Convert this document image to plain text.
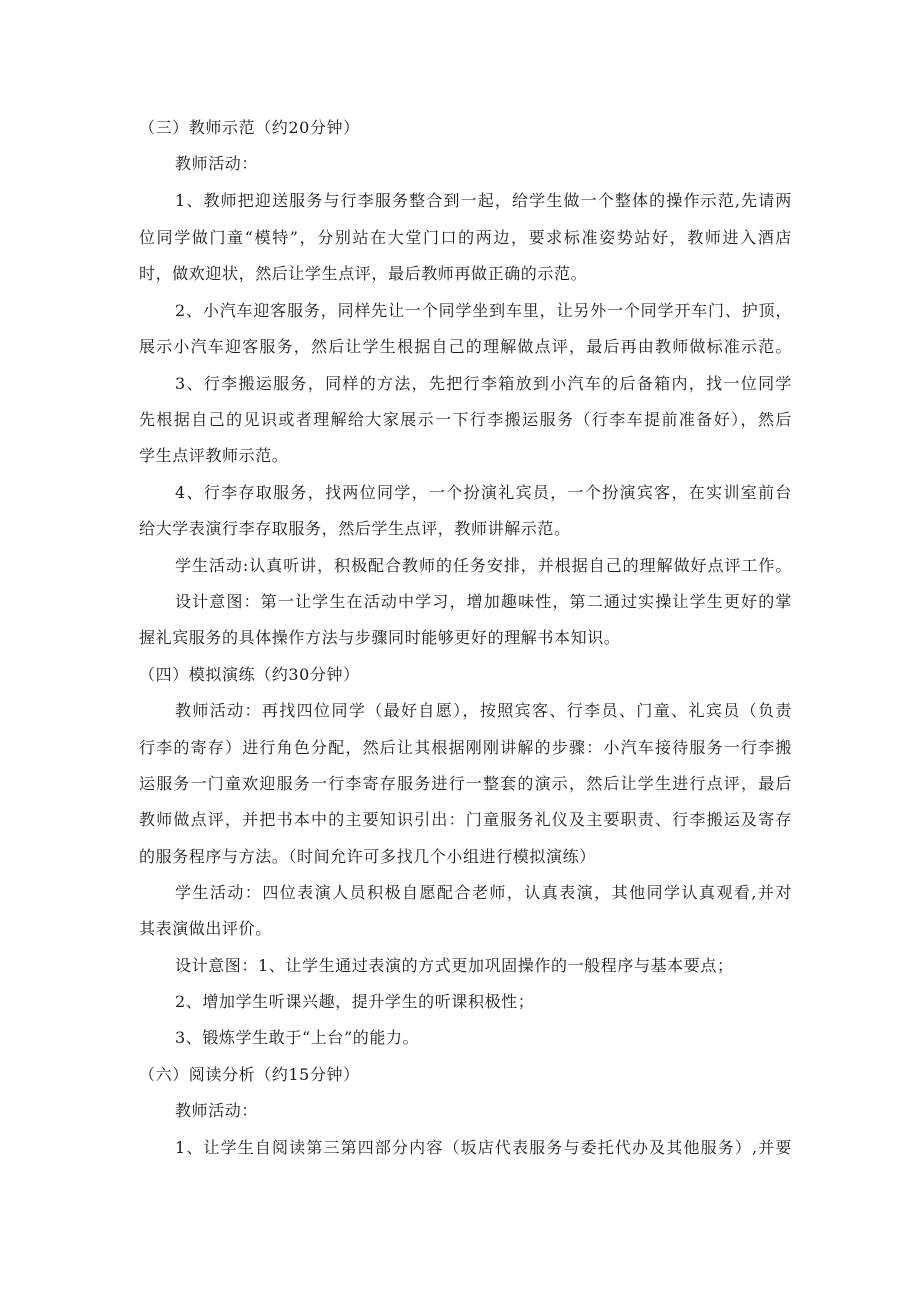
（三）教师示范（约20分钟）
教师活动：
1、教师把迎送服务与行李服务整合到一起，给学生做一个整体的操作示范,先请两
位同学做门童“模特”，分别站在大堂门口的两边，要求标准姿势站好，教师进入酒店
时，做欢迎状，然后让学生点评，最后教师再做正确的示范。
2、小汽车迎客服务，同样先让一个同学坐到车里，让另外一个同学开车门、护顶，
展示小汽车迎客服务，然后让学生根据自己的理解做点评，最后再由教师做标准示范。
3、行李搬运服务，同样的方法，先把行李箱放到小汽车的后备箱内，找一位同学
先根据自己的见识或者理解给大家展示一下行李搬运服务（行李车提前准备好），然后
学生点评教师示范。
4、行李存取服务，找两位同学，一个扮演礼宾员，一个扮演宾客，在实训室前台
给大学表演行李存取服务，然后学生点评，教师讲解示范。
学生活动:认真听讲，积极配合教师的任务安排，并根据自己的理解做好点评工作。
设计意图：第一让学生在活动中学习，增加趣味性，第二通过实操让学生更好的掌
握礼宾服务的具体操作方法与步骤同时能够更好的理解书本知识。
（四）模拟演练（约30分钟）
教师活动：再找四位同学（最好自愿），按照宾客、行李员、门童、礼宾员（负责
行李的寄存）进行角色分配，然后让其根据刚刚讲解的步骤：小汽车接待服务一行李搬
运服务一门童欢迎服务一行李寄存服务进行一整套的演示，然后让学生进行点评，最后
教师做点评，并把书本中的主要知识引出：门童服务礼仪及主要职责、行李搬运及寄存
的服务程序与方法。（时间允许可多找几个小组进行模拟演练）
学生活动：四位表演人员积极自愿配合老师，认真表演，其他同学认真观看,并对
其表演做出评价。
设计意图：1、让学生通过表演的方式更加巩固操作的一般程序与基本要点；
2、增加学生听课兴趣，提升学生的听课积极性；
3、锻炼学生敢于“上台”的能力。
（六）阅读分析（约15分钟）
教师活动：
1、让学生自阅读第三第四部分内容（坂店代表服务与委托代办及其他服务）,并要
